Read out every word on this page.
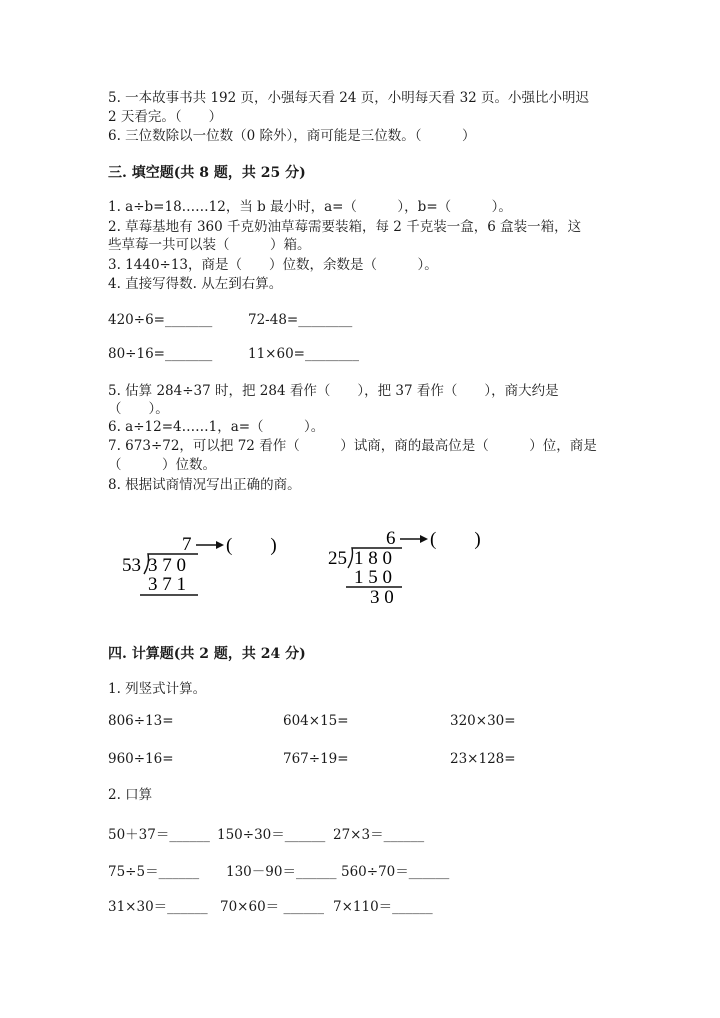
5. 一本故事书共 192 页，小强每天看 24 页，小明每天看 32 页。小强比小明迟
2 天看完。（　　）
6. 三位数除以一位数（0 除外），商可能是三位数。（　　　）
三. 填空题(共 8 题，共 25 分)
1. a÷b=18……12，当 b 最小时，a=（　　　），b=（　　　）。
2. 草莓基地有 360 千克奶油草莓需要装箱，每 2 千克装一盒，6 盒装一箱，这
些草莓一共可以装（　　　）箱。
3. 1440÷13，商是（　　）位数，余数是（　　　）。
4. 直接写得数. 从左到右算。
420÷6=_______	72-48=________
80÷16=_______	11×60=________
5. 估算 284÷37 时，把 284 看作（　　），把 37 看作（　　），商大约是
（　　）。
6. a÷12=4……1，a=（　　　）。
7. 673÷72，可以把 72 看作（　　　）试商，商的最高位是（　　　）位，商是
（　　　）位数。
8. 根据试商情况写出正确的商。
7 (　　)
53 3 7 0
3 7 1
6 (　　)
25 1 8 0
1 5 0
3 0
四. 计算题(共 2 题，共 24 分)
1. 列竖式计算。
806÷13=	604×15=	320×30=
960÷16=	767÷19=	23×128=
2. 口算
50＋37＝______ 150÷30＝______ 27×3＝______
75÷5＝______ 130－90＝______ 560÷70＝______
31×30＝______ 70×60＝ ______ 7×110＝______
